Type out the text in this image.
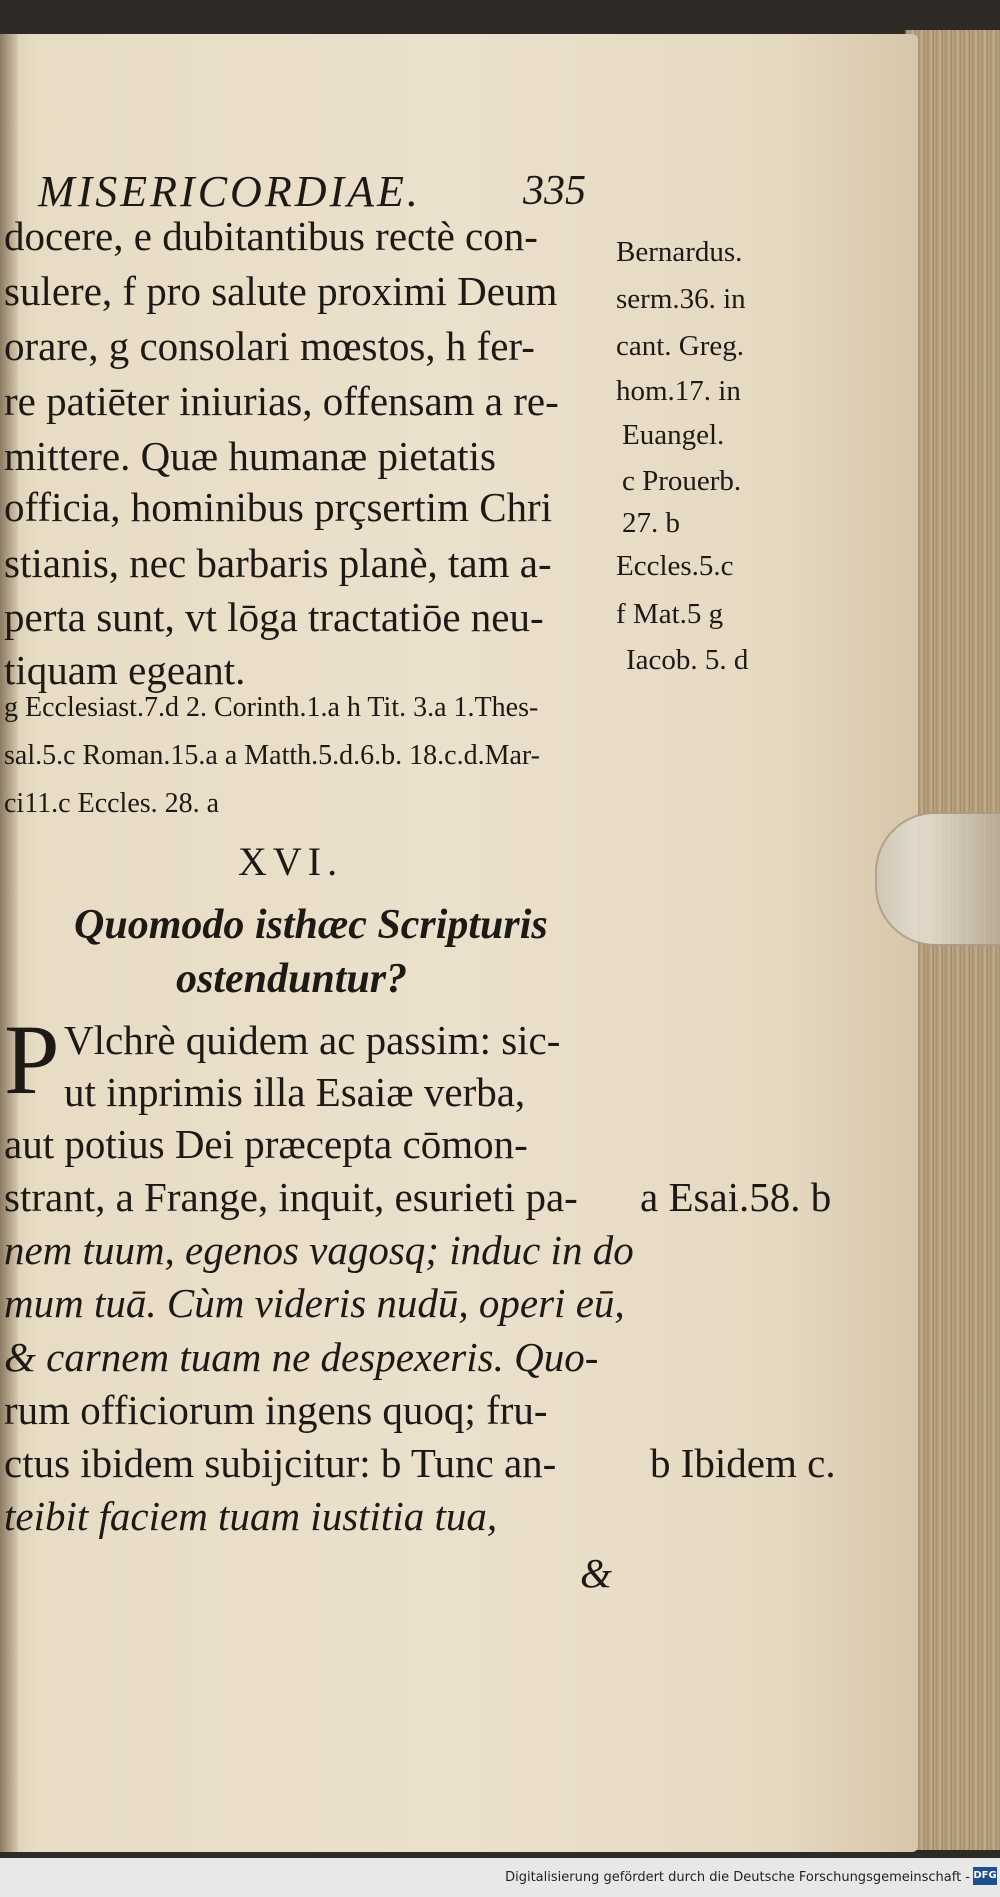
MISERICORDIAE. 335
docere, e dubitantibus rectè con-
sulere, f pro salute proximi Deum
orare, g consolari mœstos, h fer-
re patiēter iniurias, offensam a re-
mittere. Quæ humanæ pietatis
officia, hominibus prçsertim Chri
stianis, nec barbaris planè, tam a-
perta sunt, vt lōga tractatiōe neu-
tiquam egeant.
Bernardus.
serm.36. in
cant. Greg.
hom.17. in
Euangel.
c Prouerb.
27. b
Eccles.5.c
f Mat.5 g
Iacob. 5. d
g Ecclesiast.7.d 2. Corinth.1.a h Tit. 3.a 1.Thes-
sal.5.c Roman.15.a a Matth.5.d.6.b. 18.c.d.Mar-
ci11.c Eccles. 28. a
XVI.
Quomodo isthæc Scripturis
ostenduntur?
P Vlchrè quidem ac passim: sic-
ut inprimis illa Esaiæ verba,
aut potius Dei præcepta cōmon-
strant, a Frange, inquit, esurieti pa-
nem tuum, egenos vagosq; induc in do
mum tuā. Cùm videris nudū, operi eū,
& carnem tuam ne despexeris. Quo-
rum officiorum ingens quoq; fru-
ctus ibidem subijcitur: b Tunc an-
teibit faciem tuam iustitia tua,
&
a Esai.58. b
b Ibidem c.
Digitalisierung gefördert durch die Deutsche Forschungsgemeinschaft - DFG
